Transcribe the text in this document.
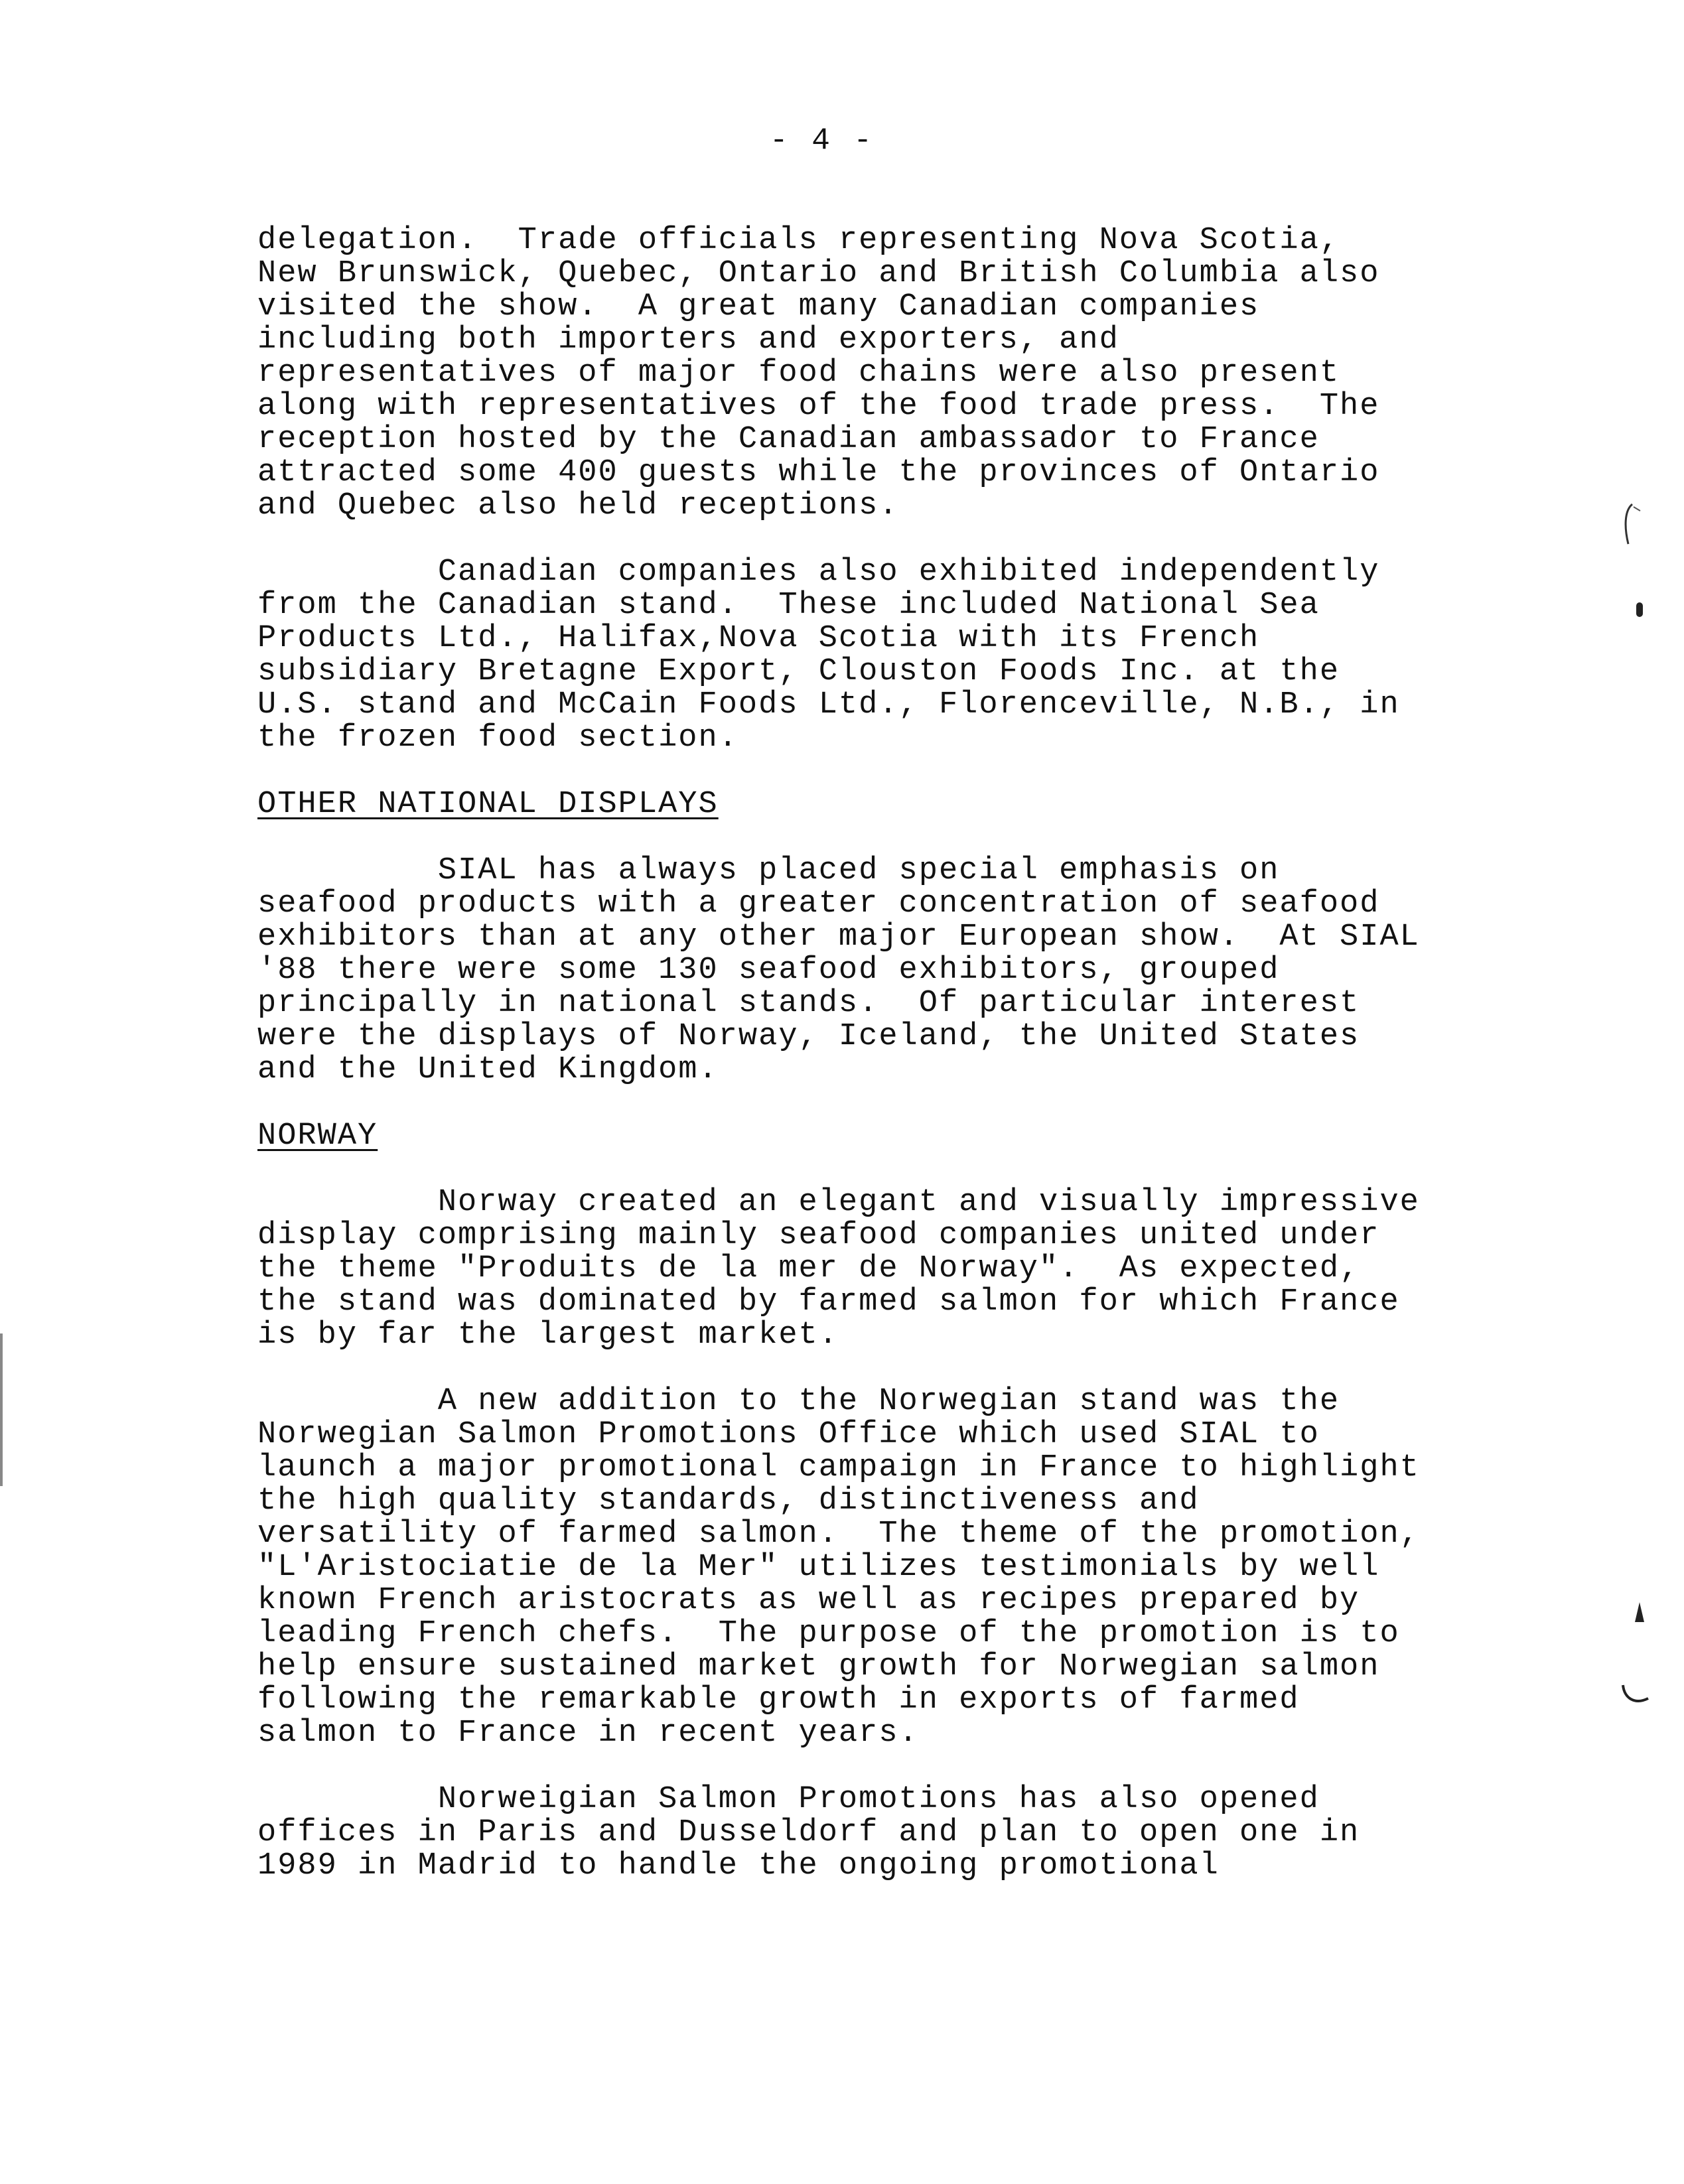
- 4 -
delegation.  Trade officials representing Nova Scotia,
New Brunswick, Quebec, Ontario and British Columbia also
visited the show.  A great many Canadian companies
including both importers and exporters, and
representatives of major food chains were also present
along with representatives of the food trade press.  The
reception hosted by the Canadian ambassador to France
attracted some 400 guests while the provinces of Ontario
and Quebec also held receptions.
Canadian companies also exhibited independently
from the Canadian stand.  These included National Sea
Products Ltd., Halifax,Nova Scotia with its French
subsidiary Bretagne Export, Clouston Foods Inc. at the
U.S. stand and McCain Foods Ltd., Florenceville, N.B., in
the frozen food section.
OTHER NATIONAL DISPLAYS
SIAL has always placed special emphasis on
seafood products with a greater concentration of seafood
exhibitors than at any other major European show.  At SIAL
'88 there were some 130 seafood exhibitors, grouped
principally in national stands.  Of particular interest
were the displays of Norway, Iceland, the United States
and the United Kingdom.
NORWAY
Norway created an elegant and visually impressive
display comprising mainly seafood companies united under
the theme "Produits de la mer de Norway".  As expected,
the stand was dominated by farmed salmon for which France
is by far the largest market.
A new addition to the Norwegian stand was the
Norwegian Salmon Promotions Office which used SIAL to
launch a major promotional campaign in France to highlight
the high quality standards, distinctiveness and
versatility of farmed salmon.  The theme of the promotion,
"L'Aristociatie de la Mer" utilizes testimonials by well
known French aristocrats as well as recipes prepared by
leading French chefs.  The purpose of the promotion is to
help ensure sustained market growth for Norwegian salmon
following the remarkable growth in exports of farmed
salmon to France in recent years.
Norweigian Salmon Promotions has also opened
offices in Paris and Dusseldorf and plan to open one in
1989 in Madrid to handle the ongoing promotional
